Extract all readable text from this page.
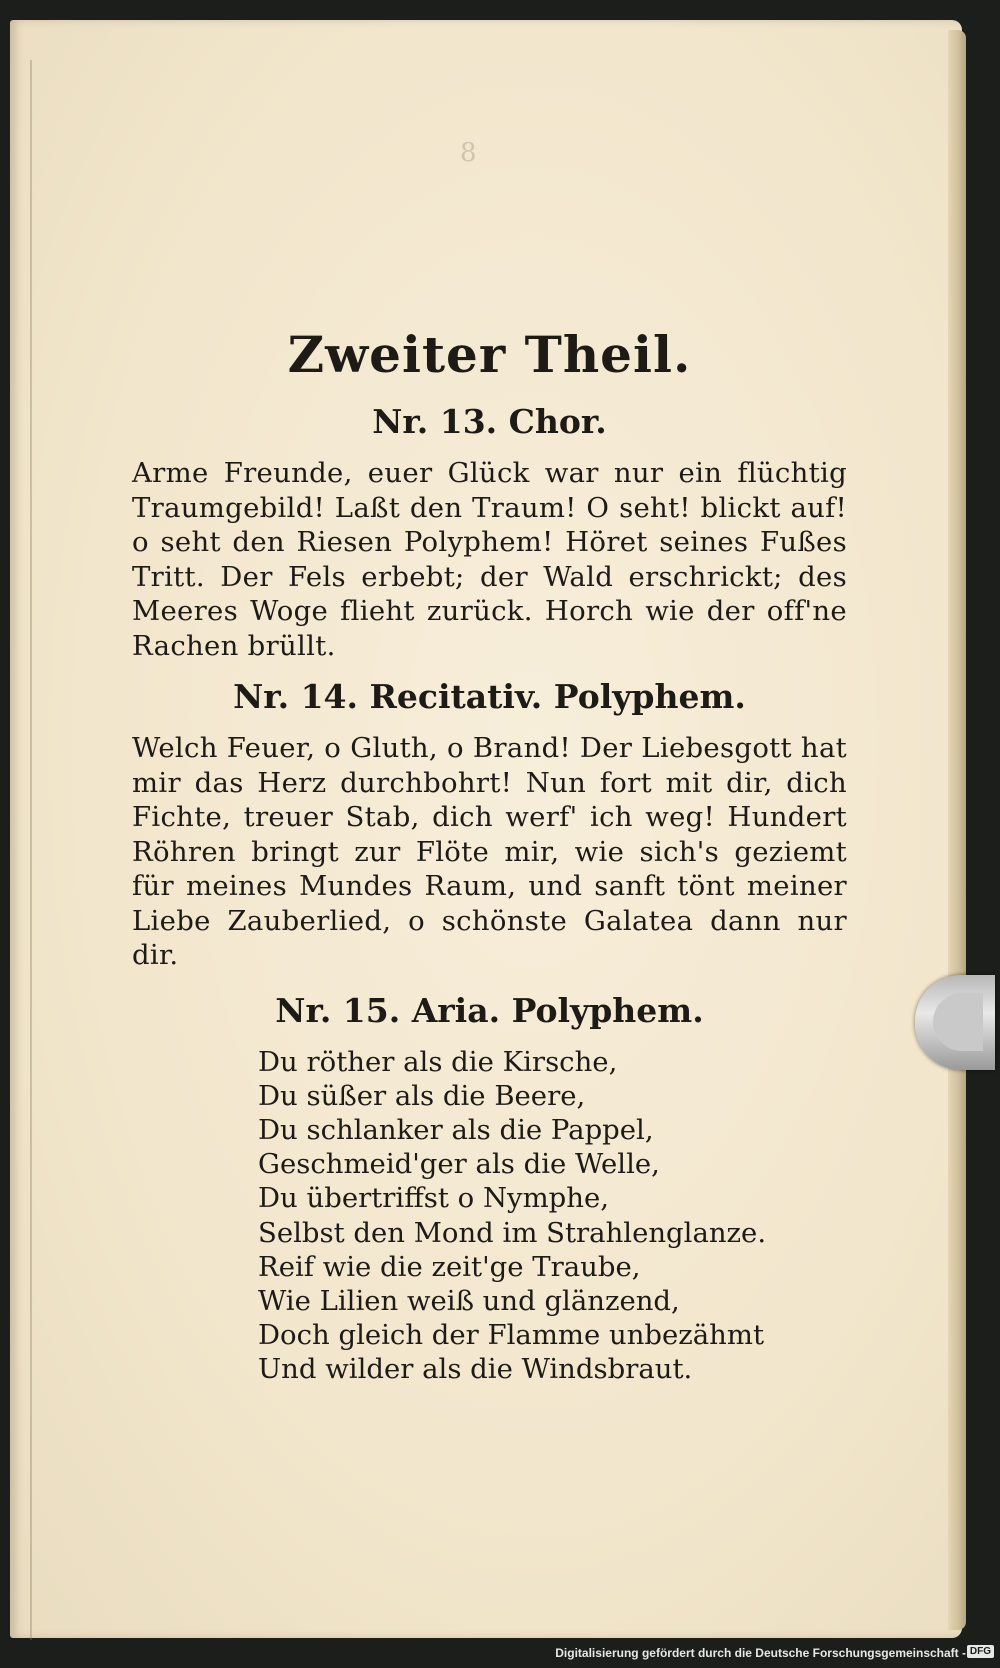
8

Zweiter Theil.
Nr. 13. Chor.

Arme Freunde, euer Glück war nur ein flüchtig Traumgebild! Laßt den Traum! O seht! blickt auf! o seht den Riesen Polyphem! Höret seines Fußes Tritt. Der Fels erbebt; der Wald erschrickt; des Meeres Woge flieht zurück. Horch wie der off'ne Rachen brüllt.

Nr. 14. Recitativ. Polyphem.

Welch Feuer, o Gluth, o Brand! Der Liebesgott hat mir das Herz durchbohrt! Nun fort mit dir, dich Fichte, treuer Stab, dich werf' ich weg! Hundert Röhren bringt zur Flöte mir, wie sich's geziemt für meines Mundes Raum, und sanft tönt meiner Liebe Zauberlied, o schönste Galatea dann nur dir.

Nr. 15. Aria. Polyphem.
Du röther als die Kirsche,
Du süßer als die Beere,
Du schlanker als die Pappel,
Geschmeid'ger als die Welle,
Du übertriffst o Nymphe,
Selbst den Mond im Strahlenglanze.
Reif wie die zeit'ge Traube,
Wie Lilien weiß und glänzend,
Doch gleich der Flamme unbezähmt
Und wilder als die Windsbraut.
Digitalisierung gefördert durch die Deutsche Forschungsgemeinschaft - DFG
